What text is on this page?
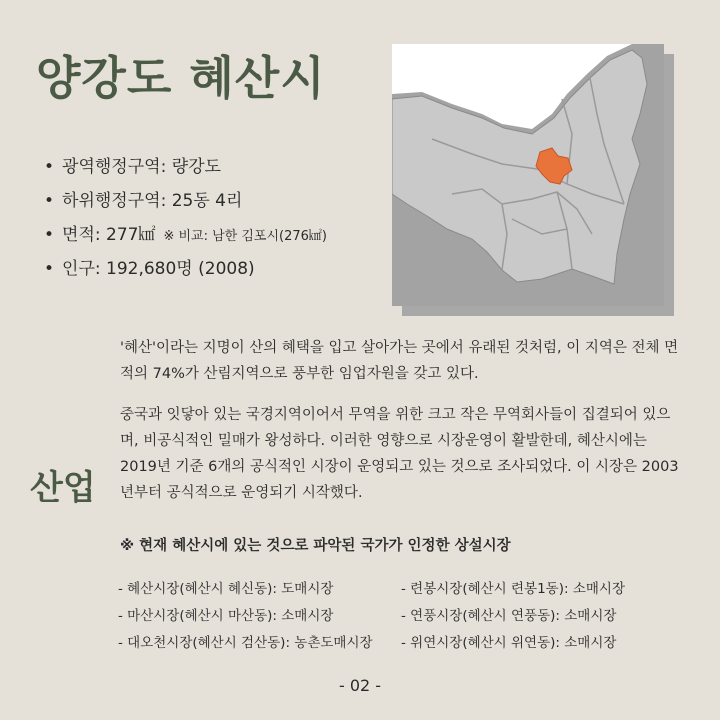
양강도 혜산시
• 광역행정구역: 량강도
• 하위행정구역: 25동 4리
• 면적: 277㎢ ※ 비교: 남한 김포시(276㎢)
• 인구: 192,680명 (2008)
산업

'혜산'이라는 지명이 산의 혜택을 입고 살아가는 곳에서 유래된 것처럼, 이 지역은 전체 면적의 74%가 산림지역으로 풍부한 임업자원을 갖고 있다.

중국과 잇닿아 있는 국경지역이어서 무역을 위한 크고 작은 무역회사들이 집결되어 있으며, 비공식적인 밀매가 왕성하다. 이러한 영향으로 시장운영이 활발한데, 혜산시에는 2019년 기준 6개의 공식적인 시장이 운영되고 있는 것으로 조사되었다. 이 시장은 2003년부터 공식적으로 운영되기 시작했다.

※ 현재 혜산시에 있는 것으로 파악된 국가가 인정한 상설시장
- 혜산시장(혜산시 혜신동): 도매시장	- 련봉시장(혜산시 련봉1동): 소매시장
- 마산시장(혜산시 마산동): 소매시장	- 연풍시장(혜산시 연풍동): 소매시장
- 대오천시장(혜산시 검산동): 농촌도매시장 - 위연시장(혜산시 위연동): 소매시장
- 02 -
